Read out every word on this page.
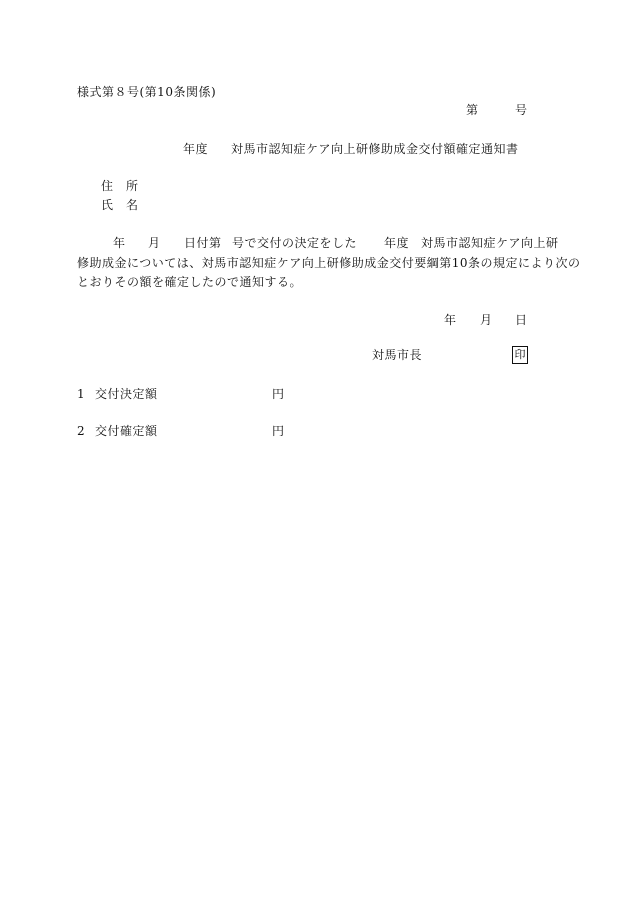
様式第８号(第10条関係)
第	号
年度 対馬市認知症ケア向上研修助成金交付額確定通知書
住　所
氏　名
年 月 日付第 号で交付の決定をした 年度 対馬市認知症ケア向上研
修助成金については、対馬市認知症ケア向上研修助成金交付要綱第10条の規定により次の
とおりその額を確定したので通知する。
年 月 日
対馬市長	印
1 交付決定額	円
2 交付確定額	円
